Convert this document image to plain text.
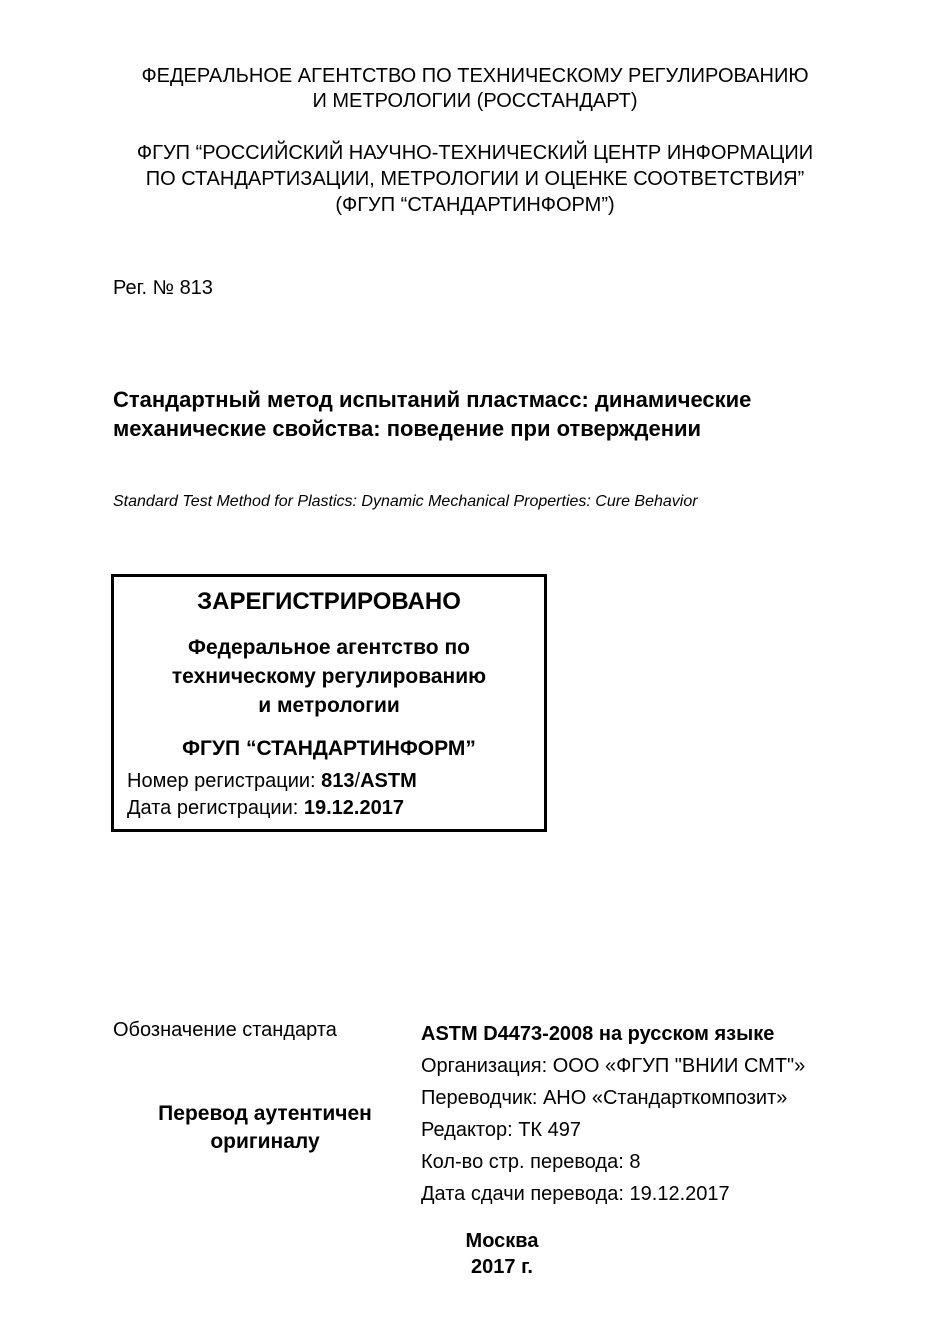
ФЕДЕРАЛЬНОЕ АГЕНТСТВО ПО ТЕХНИЧЕСКОМУ РЕГУЛИРОВАНИЮ
И МЕТРОЛОГИИ (РОССТАНДАРТ)
ФГУП “РОССИЙСКИЙ НАУЧНО-ТЕХНИЧЕСКИЙ ЦЕНТР ИНФОРМАЦИИ
ПО СТАНДАРТИЗАЦИИ, МЕТРОЛОГИИ И ОЦЕНКЕ СООТВЕТСТВИЯ”
(ФГУП “СТАНДАРТИНФОРМ”)
Рег. № 813
Стандартный метод испытаний пластмасс: динамические
механические свойства: поведение при отверждении
Standard Test Method for Plastics: Dynamic Mechanical Properties: Cure Behavior
ЗАРЕГИСТРИРОВАНО
Федеральное агентство по
техническому регулированию
и метрологии
ФГУП “СТАНДАРТИНФОРМ”
Номер регистрации: 813/ASTM
Дата регистрации: 19.12.2017
Обозначение стандарта
Перевод аутентичен
оригиналу
ASTM D4473-2008 на русском языке
Организация: ООО «ФГУП "ВНИИ СМТ"»
Переводчик: АНО «Стандарткомпозит»
Редактор: ТК 497
Кол-во стр. перевода: 8
Дата сдачи перевода: 19.12.2017
Москва
2017 г.
